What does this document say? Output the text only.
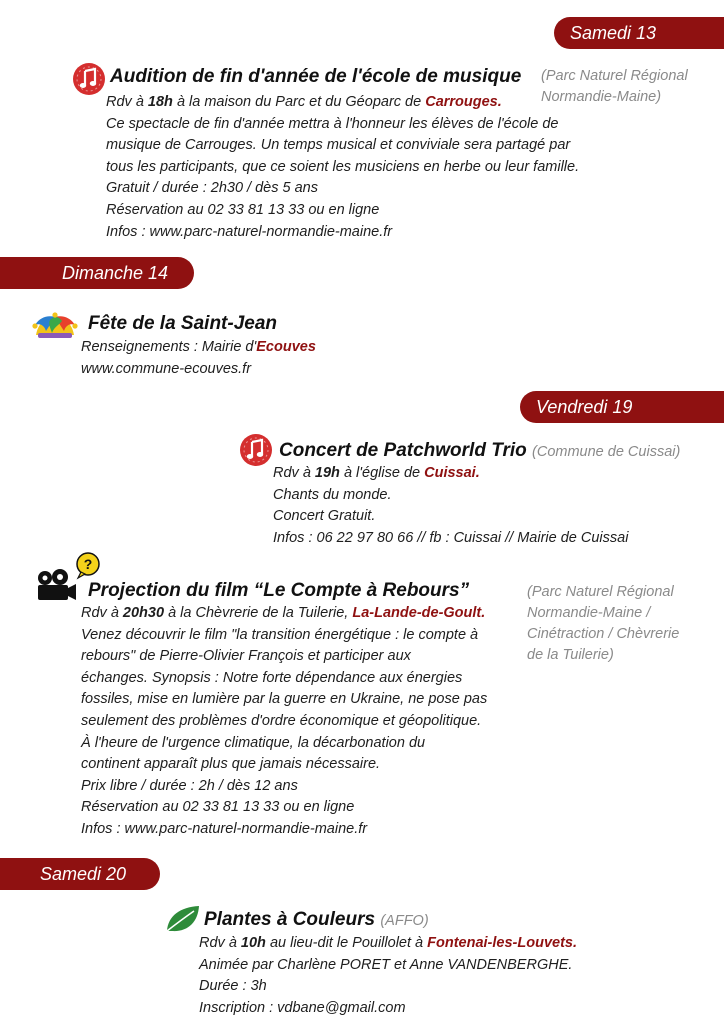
Samedi 13
Dimanche 14
Vendredi 19
Samedi 20
Audition de fin d'année de l'école de musique (Parc Naturel Régional
Normandie-Maine)
Rdv à 18h à la maison du Parc et du Géoparc de Carrouges.
Ce spectacle de fin d'année mettra à l'honneur les élèves de l'école de
musique de Carrouges. Un temps musical et conviviale sera partagé par
tous les participants, que ce soient les musiciens en herbe ou leur famille.
Gratuit / durée : 2h30 / dès 5 ans
Réservation au 02 33 81 13 33 ou en ligne
Infos : www.parc-naturel-normandie-maine.fr
Fête de la Saint-Jean
Renseignements : Mairie d'Ecouves
www.commune-ecouves.fr
Concert de Patchworld Trio (Commune de Cuissai)
Rdv à 19h à l'église de Cuissai.
Chants du monde.
Concert Gratuit.
Infos : 06 22 97 80 66 // fb : Cuissai // Mairie de Cuissai
?
Projection du film “Le Compte à Rebours”	(Parc Naturel Régional
Normandie-Maine /
Cinétraction / Chèvrerie
de la Tuilerie)
Rdv à 20h30 à la Chèvrerie de la Tuilerie, La-Lande-de-Goult.
Venez découvrir le film "la transition énergétique : le compte à
rebours" de Pierre-Olivier François et participer aux
échanges. Synopsis : Notre forte dépendance aux énergies
fossiles, mise en lumière par la guerre en Ukraine, ne pose pas
seulement des problèmes d'ordre économique et géopolitique.
À l'heure de l'urgence climatique, la décarbonation du
continent apparaît plus que jamais nécessaire.
Prix libre / durée : 2h / dès 12 ans
Réservation au 02 33 81 13 33 ou en ligne
Infos : www.parc-naturel-normandie-maine.fr
Plantes à Couleurs (AFFO)
Rdv à 10h au lieu-dit le Pouillolet à Fontenai-les-Louvets.
Animée par Charlène PORET et Anne VANDENBERGHE.
Durée : 3h
Inscription : vdbane@gmail.com
